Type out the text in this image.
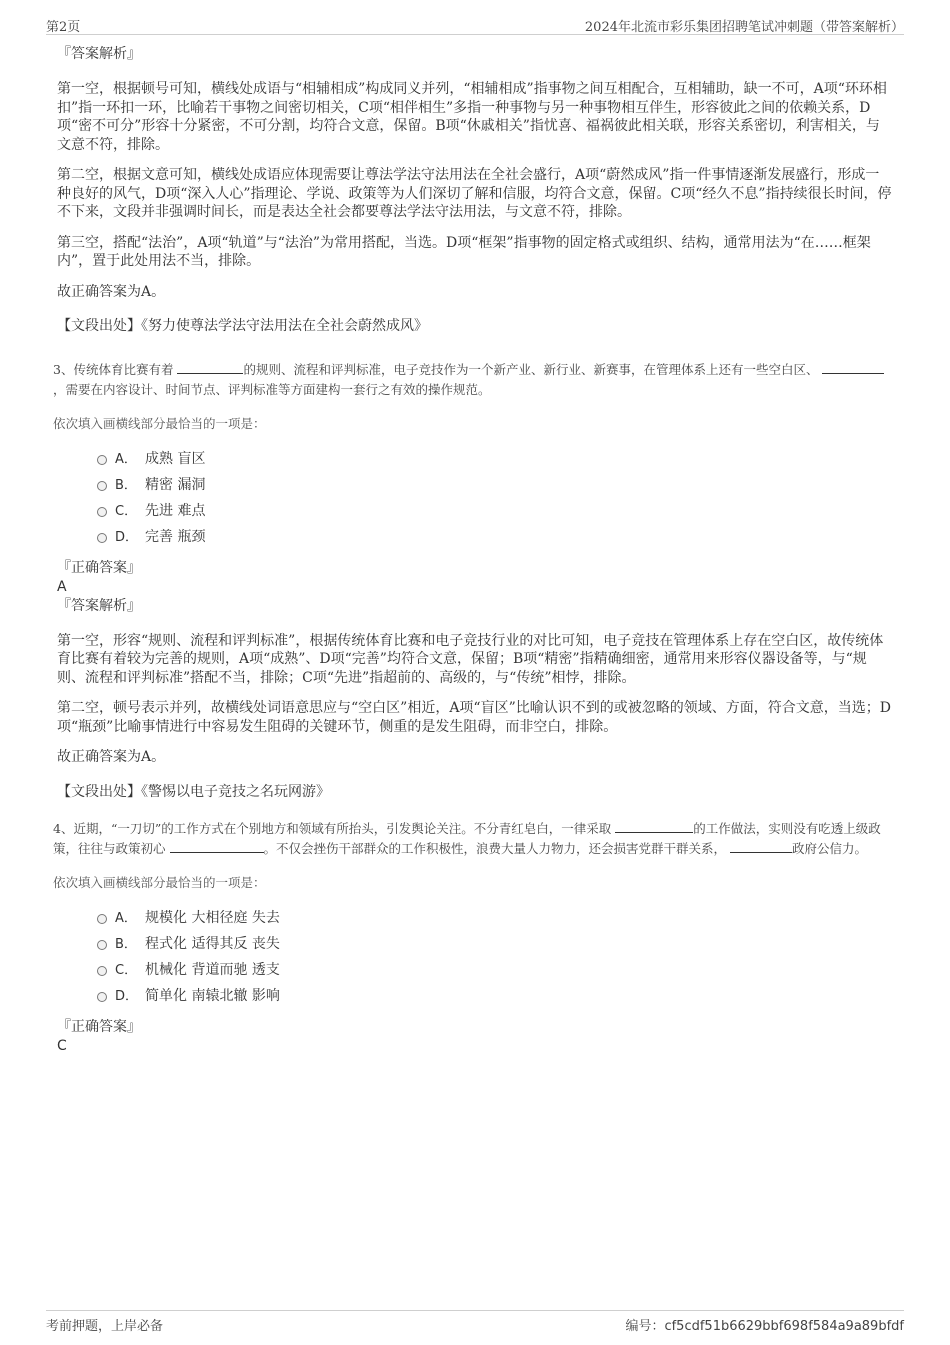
第2页	2024年北流市彩乐集团招聘笔试冲刺题（带答案解析）

『答案解析』

第一空，根据顿号可知，横线处成语与“相辅相成”构成同义并列，“相辅相成”指事物之间互相配合，互相辅助，缺一不可，A项“环环相扣”指一环扣一环，比喻若干事物之间密切相关，C项“相伴相生”多指一种事物与另一种事物相互伴生，形容彼此之间的依赖关系，D项“密不可分”形容十分紧密，不可分割，均符合文意，保留。B项“休戚相关”指忧喜、福祸彼此相关联，形容关系密切，利害相关，与文意不符，排除。

第二空，根据文意可知，横线处成语应体现需要让尊法学法守法用法在全社会盛行，A项“蔚然成风”指一件事情逐渐发展盛行，形成一种良好的风气，D项“深入人心”指理论、学说、政策等为人们深切了解和信服，均符合文意，保留。C项“经久不息”指持续很长时间，停不下来，文段并非强调时间长，而是表达全社会都要尊法学法守法用法，与文意不符，排除。

第三空，搭配“法治”，A项“轨道”与“法治”为常用搭配，当选。D项“框架”指事物的固定格式或组织、结构，通常用法为“在……框架内”，置于此处用法不当，排除。

故正确答案为A。

【文段出处】《努力使尊法学法守法用法在全社会蔚然成风》

3、传统体育比赛有着	的规则、流程和评判标准，电子竞技作为一个新产业、新行业、新赛事，在管理体系上还有一些空白区、 ，需要在内容设计、时间节点、评判标准等方面建构一套行之有效的操作规范。

依次填入画横线部分最恰当的一项是：

A． 成熟 盲区
B． 精密 漏洞
C． 先进 难点
D． 完善 瓶颈

『正确答案』

A

『答案解析』

第一空，形容“规则、流程和评判标准”，根据传统体育比赛和电子竞技行业的对比可知，电子竞技在管理体系上存在空白区，故传统体育比赛有着较为完善的规则，A项“成熟”、D项“完善”均符合文意，保留；B项“精密”指精确细密，通常用来形容仪器设备等，与“规则、流程和评判标准”搭配不当，排除；C项“先进”指超前的、高级的，与“传统”相悖，排除。

第二空，顿号表示并列，故横线处词语意思应与“空白区”相近，A项“盲区”比喻认识不到的或被忽略的领域、方面，符合文意，当选；D项“瓶颈”比喻事情进行中容易发生阻碍的关键环节，侧重的是发生阻碍，而非空白，排除。

故正确答案为A。

【文段出处】《警惕以电子竞技之名玩网游》

4、近期，“一刀切”的工作方式在个别地方和领域有所抬头，引发舆论关注。不分青红皂白，一律采取	的工作做法，实则没有吃透上级政策，往往与政策初心	。不仅会挫伤干部群众的工作积极性，浪费大量人力物力，还会损害党群干群关系，	政府公信力。

依次填入画横线部分最恰当的一项是：

A． 规模化 大相径庭 失去
B． 程式化 适得其反 丧失
C． 机械化 背道而驰 透支
D． 简单化 南辕北辙 影响

『正确答案』

C

考前押题，上岸必备	编号：cf5cdf51b6629bbf698f584a9a89bfdf
